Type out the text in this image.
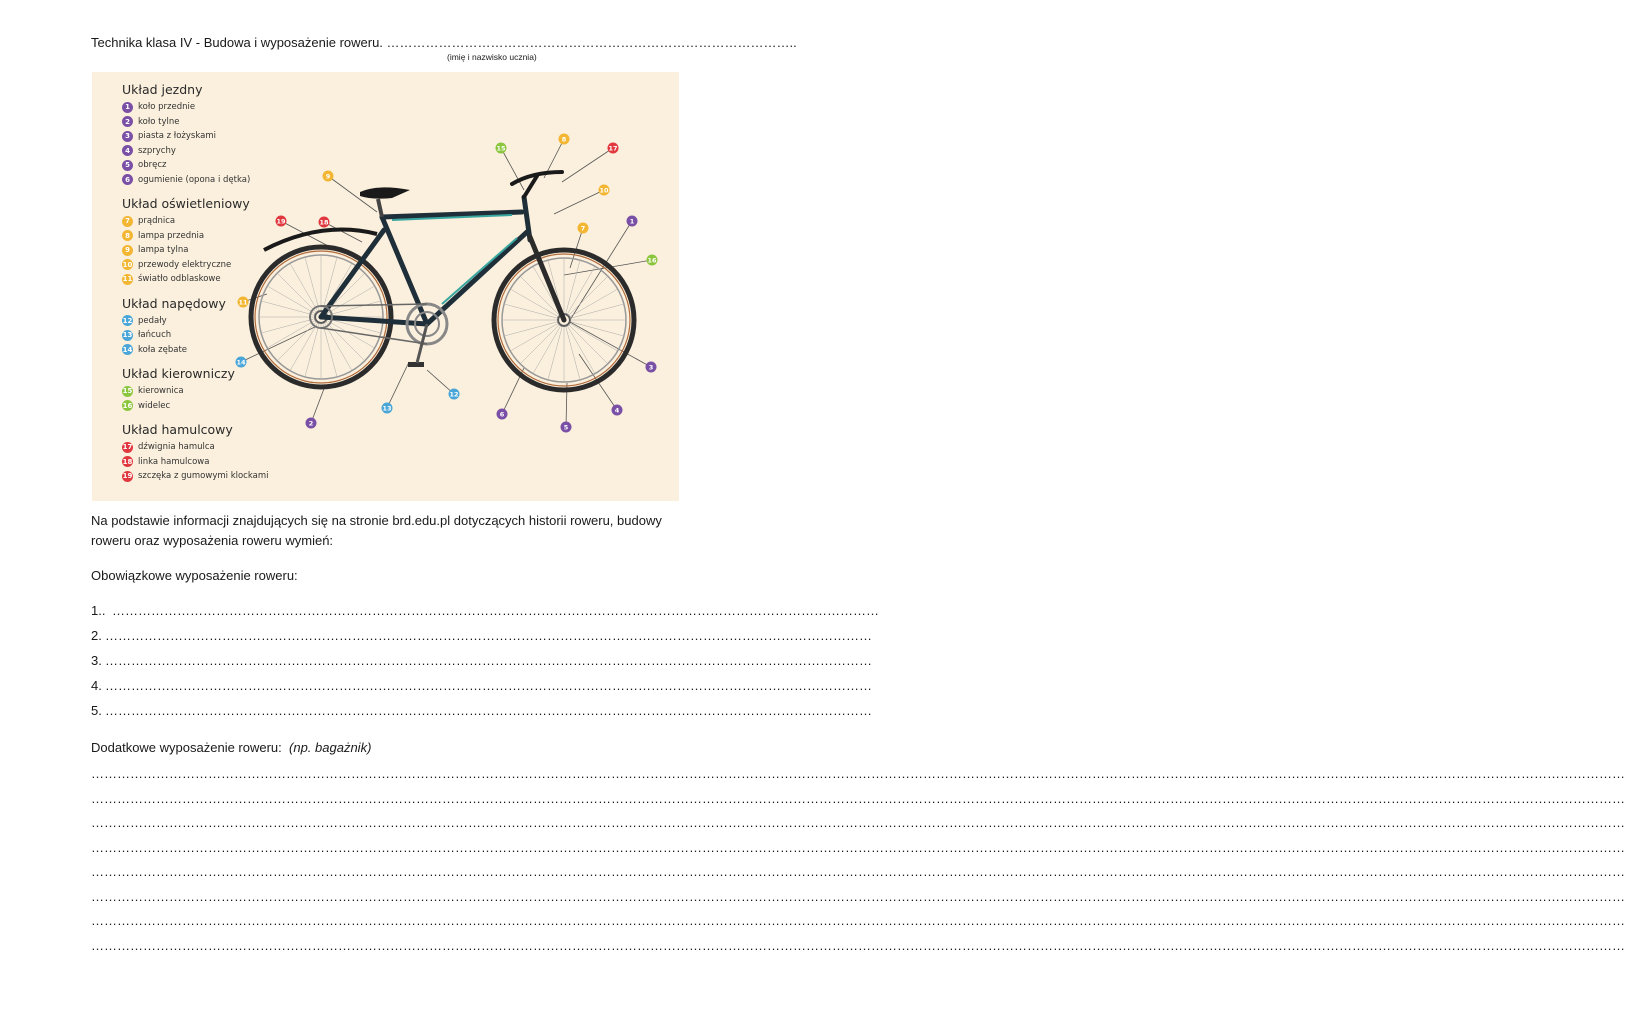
Technika klasa IV - Budowa i wyposażenie roweru. …………………………………………………………………………………..
(imię i nazwisko ucznia)
Układ jezdny
1 koło przednie
2 koło tylne
3 piasta z łożyskami
4 szprychy
5 obręcz
6 ogumienie (opona i dętka)
Układ oświetleniowy
7 prądnica
8 lampa przednia
9 lampa tylna
10 przewody elektryczne
11 światło odblaskowe
Układ napędowy
12 pedały
13 łańcuch
14 koła zębate
Układ kierowniczy
15 kierownica
16 widelec
Układ hamulcowy
17 dźwignia hamulca
18 linka hamulcowa
19 szczęka z gumowymi klockami
15
8
17
9
10
19	18
7
1
16
11
14
3
12
13
2
6
5
4
Na podstawie informacji znajdujących się na stronie brd.edu.pl dotyczących historii roweru, budowy
roweru oraz wyposażenia roweru wymień:
Obowiązkowe wyposażenie roweru:
1.. ……………………………………………………………………………………………………………………………………………………………
2. ……………………………………………………………………………………………………………………………………………………………
3. ……………………………………………………………………………………………………………………………………………………………
4. ……………………………………………………………………………………………………………………………………………………………
5. ……………………………………………………………………………………………………………………………………………………………
Dodatkowe wyposażenie roweru: (np. bagażnik)
…………………………………………………………………………………………………………………………………………………………………………………………………………………………………………………………………………………………………………………………
…………………………………………………………………………………………………………………………………………………………………………………………………………………………………………………………………………………………………………………………
…………………………………………………………………………………………………………………………………………………………………………………………………………………………………………………………………………………………………………………………
…………………………………………………………………………………………………………………………………………………………………………………………………………………………………………………………………………………………………………………………
…………………………………………………………………………………………………………………………………………………………………………………………………………………………………………………………………………………………………………………………
…………………………………………………………………………………………………………………………………………………………………………………………………………………………………………………………………………………………………………………………
…………………………………………………………………………………………………………………………………………………………………………………………………………………………………………………………………………………………………………………………
…………………………………………………………………………………………………………………………………………………………………………………………………………………………………………………………………………………………………………………………
